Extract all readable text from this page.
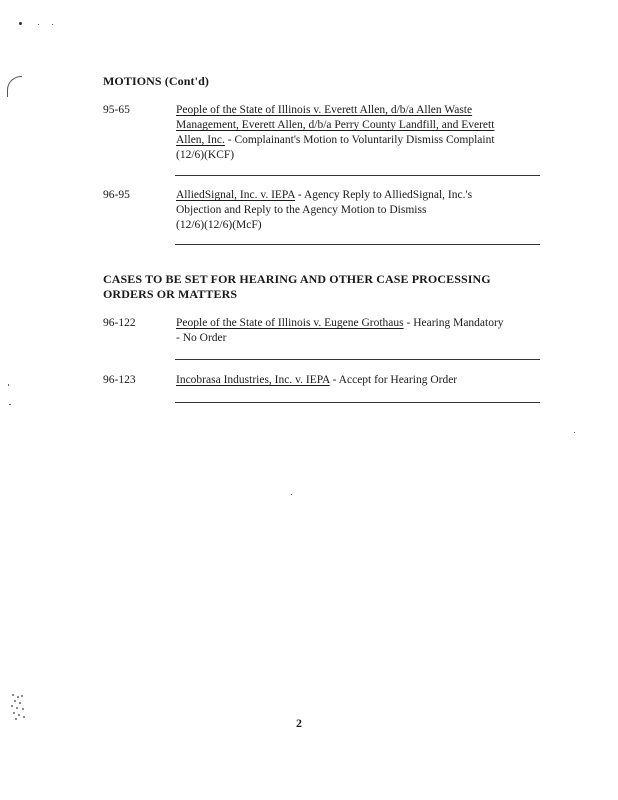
MOTIONS (Cont'd)
95-65	People of the State of Illinois v. Everett Allen, d/b/a Allen Waste
Management, Everett Allen, d/b/a Perry County Landfill, and Everett
Allen, Inc. - Complainant's Motion to Voluntarily Dismiss Complaint
(12/6)(KCF)
96-95	AlliedSignal, Inc. v. IEPA - Agency Reply to AlliedSignal, Inc.'s
Objection and Reply to the Agency Motion to Dismiss
(12/6)(12/6)(McF)
CASES TO BE SET FOR HEARING AND OTHER CASE PROCESSING
ORDERS OR MATTERS
96-122	People of the State of Illinois v. Eugene Grothaus - Hearing Mandatory
- No Order
96-123	Incobrasa Industries, Inc. v. IEPA - Accept for Hearing Order
2
